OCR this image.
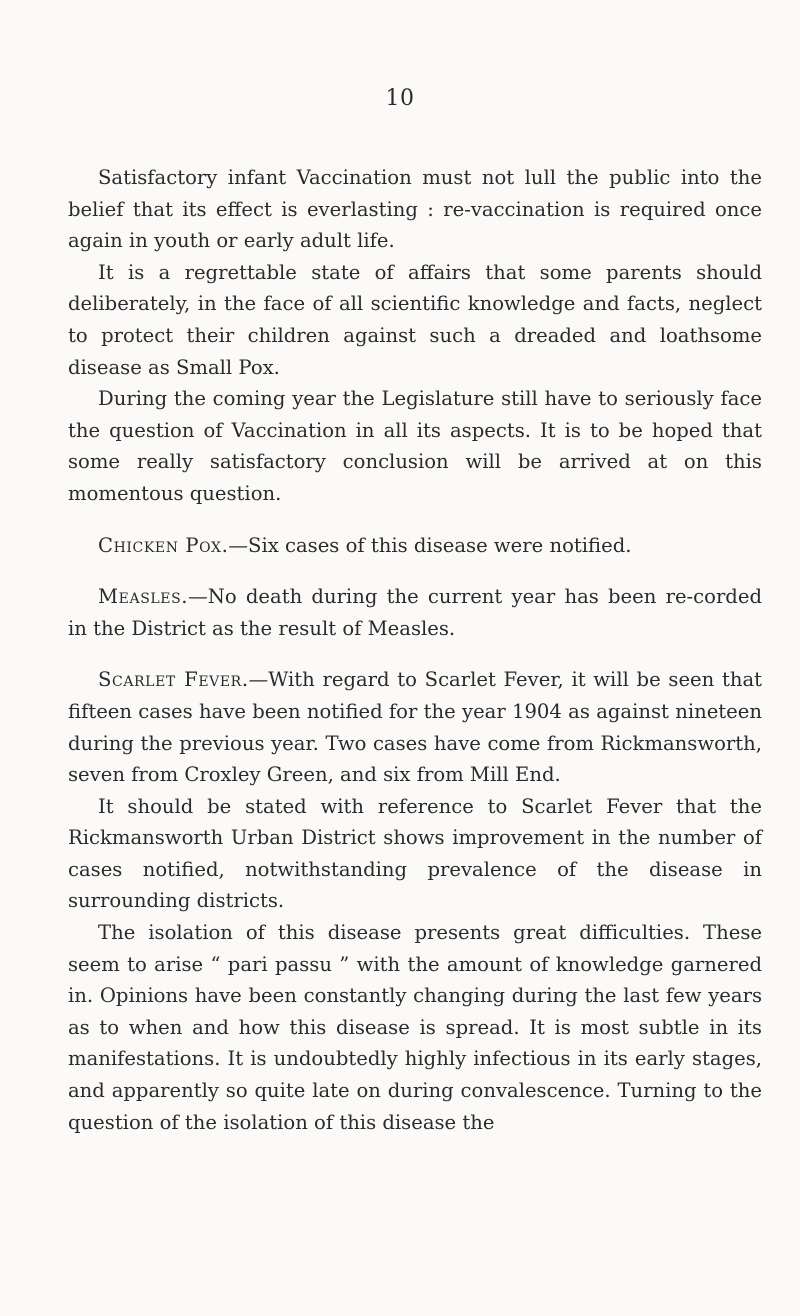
10

Satisfactory infant Vaccination must not lull the public into the belief that its effect is everlasting : re-vaccination is required once again in youth or early adult life.

It is a regrettable state of affairs that some parents should deliberately, in the face of all scientific knowledge and facts, neglect to protect their children against such a dreaded and loathsome disease as Small Pox.

During the coming year the Legislature still have to seriously face the question of Vaccination in all its aspects. It is to be hoped that some really satisfactory conclusion will be arrived at on this momentous question.

Chicken Pox.—Six cases of this disease were notified.

Measles.—No death during the current year has been re-corded in the District as the result of Measles.

Scarlet Fever.—With regard to Scarlet Fever, it will be seen that fifteen cases have been notified for the year 1904 as against nineteen during the previous year. Two cases have come from Rickmansworth, seven from Croxley Green, and six from Mill End.

It should be stated with reference to Scarlet Fever that the Rickmansworth Urban District shows improvement in the number of cases notified, notwithstanding prevalence of the disease in surrounding districts.

The isolation of this disease presents great difficulties. These seem to arise “ pari passu ” with the amount of knowledge garnered in. Opinions have been constantly changing during the last few years as to when and how this disease is spread. It is most subtle in its manifestations. It is undoubtedly highly infectious in its early stages, and apparently so quite late on during convalescence. Turning to the question of the isolation of this disease the
